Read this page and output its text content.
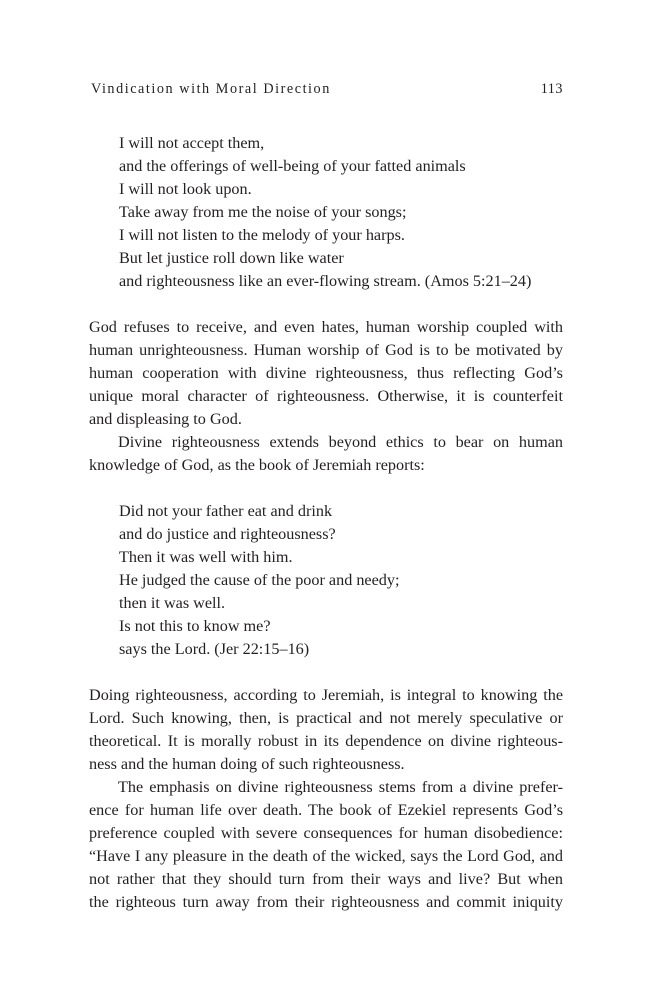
Vindication with Moral Direction	113
I will not accept them,
and the offerings of well-being of your fatted animals
I will not look upon.
Take away from me the noise of your songs;
I will not listen to the melody of your harps.
But let justice roll down like water
and righteousness like an ever-flowing stream. (Amos 5:21–24)
God refuses to receive, and even hates, human worship coupled with
human unrighteousness. Human worship of God is to be motivated by
human cooperation with divine righteousness, thus reflecting God’s
unique moral character of righteousness. Otherwise, it is counterfeit
and displeasing to God.
Divine righteousness extends beyond ethics to bear on human
knowledge of God, as the book of Jeremiah reports:
Did not your father eat and drink
and do justice and righteousness?
Then it was well with him.
He judged the cause of the poor and needy;
then it was well.
Is not this to know me?
says the Lord. (Jer 22:15–16)
Doing righteousness, according to Jeremiah, is integral to knowing the
Lord. Such knowing, then, is practical and not merely speculative or
theoretical. It is morally robust in its dependence on divine righteous-
ness and the human doing of such righteousness.
The emphasis on divine righteousness stems from a divine prefer-
ence for human life over death. The book of Ezekiel represents God’s
preference coupled with severe consequences for human disobedience:
“Have I any pleasure in the death of the wicked, says the Lord God, and
not rather that they should turn from their ways and live? But when
the righteous turn away from their righteousness and commit iniquity
